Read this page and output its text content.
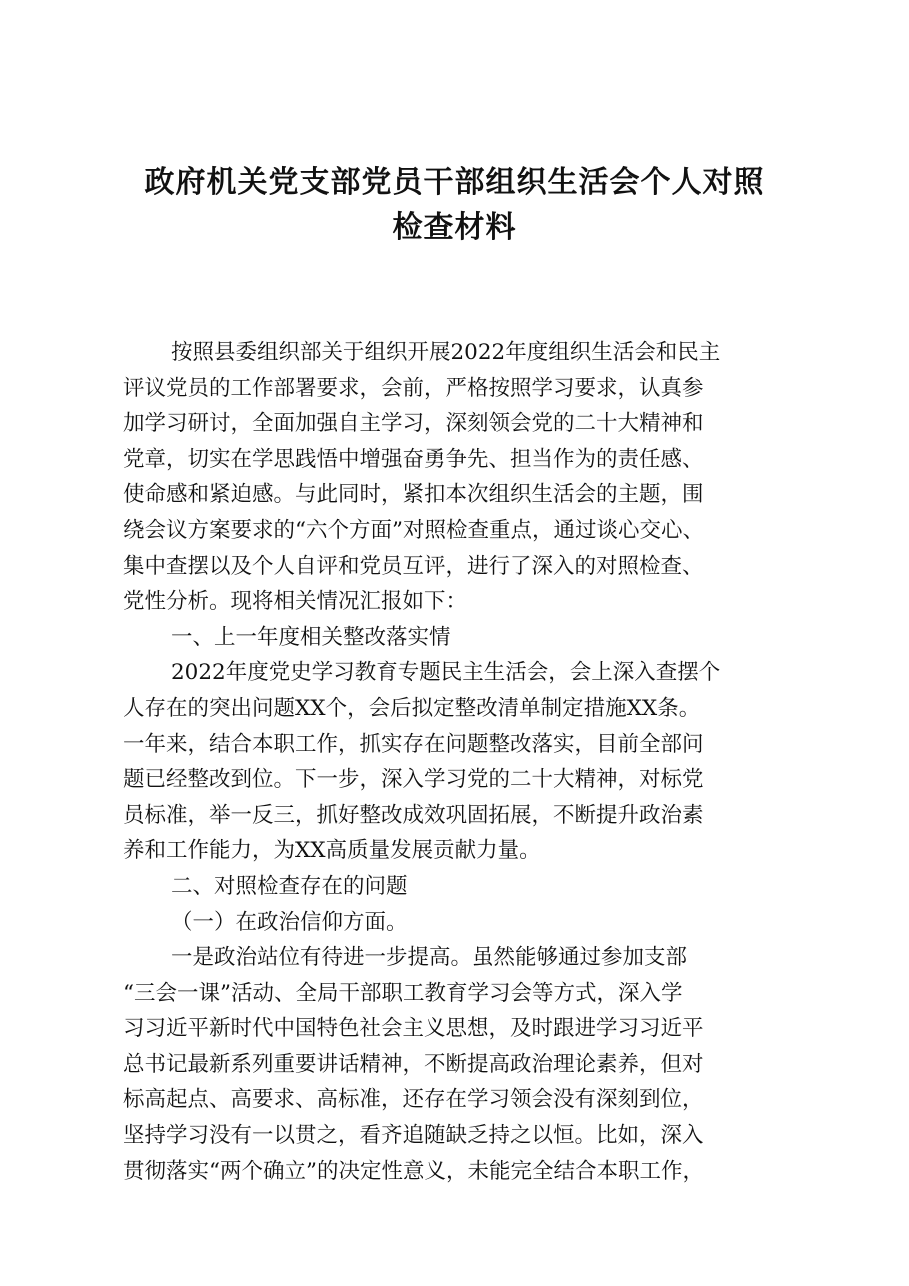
政府机关党支部党员干部组织生活会个人对照
检查材料
按照县委组织部关于组织开展2022年度组织生活会和民主
评议党员的工作部署要求，会前，严格按照学习要求，认真参
加学习研讨，全面加强自主学习，深刻领会党的二十大精神和
党章，切实在学思践悟中增强奋勇争先、担当作为的责任感、
使命感和紧迫感。与此同时，紧扣本次组织生活会的主题，围
绕会议方案要求的“六个方面”对照检查重点，通过谈心交心、
集中查摆以及个人自评和党员互评，进行了深入的对照检查、
党性分析。现将相关情况汇报如下：
一、上一年度相关整改落实情
2022年度党史学习教育专题民主生活会，会上深入查摆个
人存在的突出问题XX个，会后拟定整改清单制定措施XX条。
一年来，结合本职工作，抓实存在问题整改落实，目前全部问
题已经整改到位。下一步，深入学习党的二十大精神，对标党
员标准，举一反三，抓好整改成效巩固拓展，不断提升政治素
养和工作能力，为XX高质量发展贡献力量。
二、对照检查存在的问题
（一）在政治信仰方面。
一是政治站位有待进一步提高。虽然能够通过参加支部
“三会一课”活动、全局干部职工教育学习会等方式，深入学
习习近平新时代中国特色社会主义思想，及时跟进学习习近平
总书记最新系列重要讲话精神，不断提高政治理论素养，但对
标高起点、高要求、高标准，还存在学习领会没有深刻到位，
坚持学习没有一以贯之，看齐追随缺乏持之以恒。比如，深入
贯彻落实“两个确立”的决定性意义，未能完全结合本职工作，
